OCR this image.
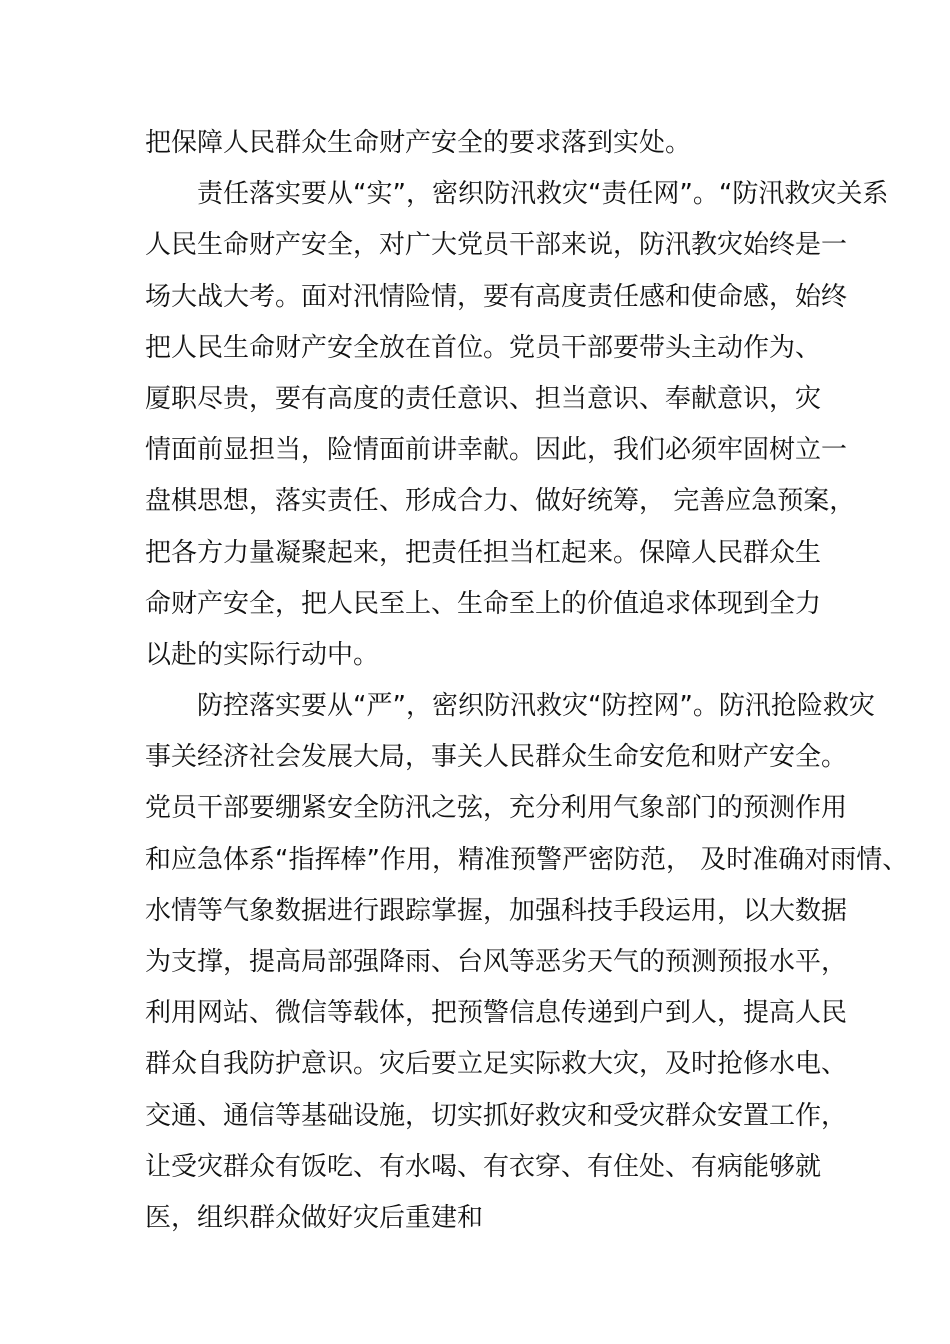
把保障人民群众生命财产安全的要求落到实处。
责任落实要从“实”，密织防汛救灾“责任网”。“防汛救灾关系
人民生命财产安全，对广大党员干部来说，防汛教灾始终是一
场大战大考。面对汛情险情，要有高度责任感和使命感，始终
把人民生命财产安全放在首位。党员干部要带头主动作为、
厦职尽贵，要有高度的责任意识、担当意识、奉献意识，灾
情面前显担当，险情面前讲幸献。因此，我们必须牢固树立一
盘棋思想，落实责任、形成合力、做好统筹， 完善应急预案，
把各方力量凝聚起来，把责任担当杠起来。保障人民群众生
命财产安全，把人民至上、生命至上的价值追求体现到全力
以赴的实际行动中。
防控落实要从“严”，密织防汛救灾“防控网”。防汛抢险救灾
事关经济社会发展大局，事关人民群众生命安危和财产安全。
党员干部要绷紧安全防汛之弦，充分利用气象部门的预测作用
和应急体系“指挥棒”作用，精准预警严密防范， 及时准确对雨情、
水情等气象数据进行跟踪掌握，加强科技手段运用，以大数据
为支撑，提高局部强降雨、台风等恶劣天气的预测预报水平，
利用网站、微信等载体，把预警信息传递到户到人，提高人民
群众自我防护意识。灾后要立足实际救大灾，及时抢修水电、
交通、通信等基础设施，切实抓好救灾和受灾群众安置工作，
让受灾群众有饭吃、有水喝、有衣穿、有住处、有病能够就
医，组织群众做好灾后重建和
